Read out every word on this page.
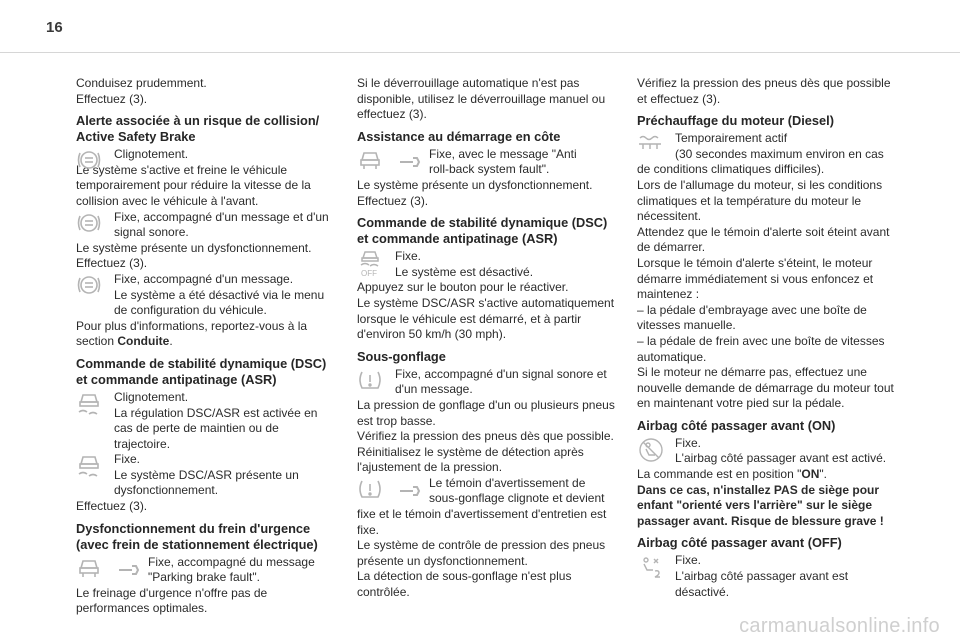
16

Conduisez prudemment.
Effectuez (3).

Alerte associée à un risque de collision/ Active Safety Brake
Clignotement.
Le système s'active et freine le véhicule temporairement pour réduire la vitesse de la collision avec le véhicule à l'avant.
Fixe, accompagné d'un message et d'un
signal sonore.
Le système présente un dysfonctionnement.
Effectuez (3).
Fixe, accompagné d'un message.
Le système a été désactivé via le menu de configuration du véhicule.
Pour plus d'informations, reportez-vous à la section Conduite.
Commande de stabilité dynamique (DSC) et commande antipatinage (ASR)
Clignotement.
La régulation DSC/ASR est activée en cas de perte de maintien ou de trajectoire.
Fixe.
Le système DSC/ASR présente un dysfonctionnement.
Effectuez (3).
Dysfonctionnement du frein d'urgence (avec frein de stationnement électrique)
Fixe, accompagné du message
"Parking brake fault".
Le freinage d'urgence n'offre pas de performances optimales.

Si le déverrouillage automatique n'est pas disponible, utilisez le déverrouillage manuel ou effectuez (3).

Assistance au démarrage en côte
Fixe, avec le message "Anti
roll-back system fault".
Le système présente un dysfonctionnement.
Effectuez (3).
Commande de stabilité dynamique (DSC) et commande antipatinage (ASR)
OFF
Fixe.
Le système est désactivé.
Appuyez sur le bouton pour le réactiver.
Le système DSC/ASR s'active automatiquement lorsque le véhicule est démarré, et à partir d'environ 50 km/h (30 mph).
Sous-gonflage
Fixe, accompagné d'un signal sonore et
d'un message.
La pression de gonflage d'un ou plusieurs pneus est trop basse.
Vérifiez la pression des pneus dès que possible.
Réinitialisez le système de détection après l'ajustement de la pression.
Le témoin d'avertissement de
sous-gonflage clignote et devient
fixe et le témoin d'avertissement d'entretien est fixe.
Le système de contrôle de pression des pneus présente un dysfonctionnement.
La détection de sous-gonflage n'est plus contrôlée.

Vérifiez la pression des pneus dès que possible et effectuez (3).

Préchauffage du moteur (Diesel)
Temporairement actif
(30 secondes maximum environ en cas
de conditions climatiques difficiles).
Lors de l'allumage du moteur, si les conditions climatiques et la température du moteur le nécessitent.
Attendez que le témoin d'alerte soit éteint avant de démarrer.
Lorsque le témoin d'alerte s'éteint, le moteur démarre immédiatement si vous enfoncez et maintenez :
– la pédale d'embrayage avec une boîte de vitesses manuelle.
– la pédale de frein avec une boîte de vitesses automatique.
Si le moteur ne démarre pas, effectuez une nouvelle demande de démarrage du moteur tout en maintenant votre pied sur la pédale.
Airbag côté passager avant (ON)
Fixe.
L'airbag côté passager avant est activé.
La commande est en position "ON".
Dans ce cas, n'installez PAS de siège pour enfant "orienté vers l'arrière" sur le siège passager avant. Risque de blessure grave !
Airbag côté passager avant (OFF)
Fixe.
L'airbag côté passager avant est désactivé.
carmanualsonline.info
